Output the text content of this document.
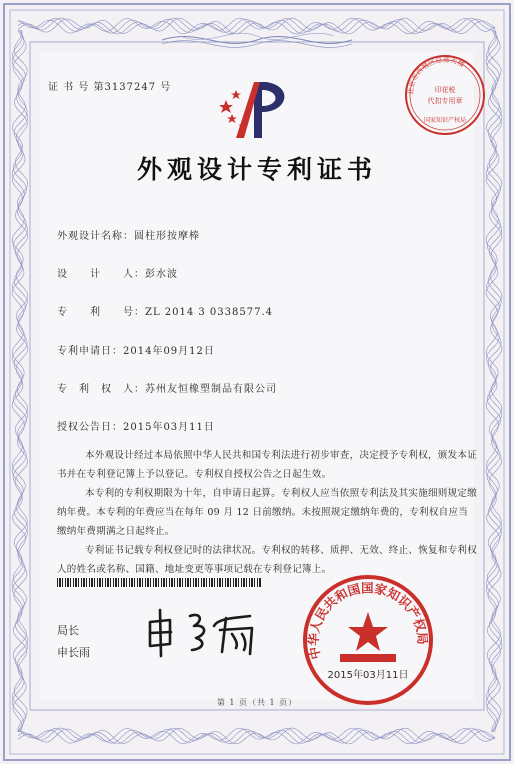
证 书 号 第3137247 号	北京市西城区总部大楼
印花税
代扣专用章
国家知识产权局
外观设计专利证书
外观设计名称：圆柱形按摩棒
设　　计　　人：彭水波
专　　利　　号：ZL 2014 3 0338577.4
专利申请日：2014年09月12日
专　利　权　人：苏州友恒橡塑制品有限公司
授权公告日：2015年03月11日

本外观设计经过本局依照中华人民共和国专利法进行初步审查，决定授予专利权，颁发本证书并在专利登记簿上予以登记。专利权自授权公告之日起生效。

本专利的专利权期限为十年，自申请日起算。专利权人应当依照专利法及其实施细则规定缴纳年费。本专利的年费应当在每年 09 月 12 日前缴纳。未按照规定缴纳年费的，专利权自应当缴纳年费期满之日起终止。

专利证书记载专利权登记时的法律状况。专利权的转移、质押、无效、终止、恢复和专利权人的姓名或名称、国籍、地址变更等事项记载在专利登记簿上。

局长
申长雨	中华人民共和国国家知识产权局
2015年03月11日
第 1 页（共 1 页）
